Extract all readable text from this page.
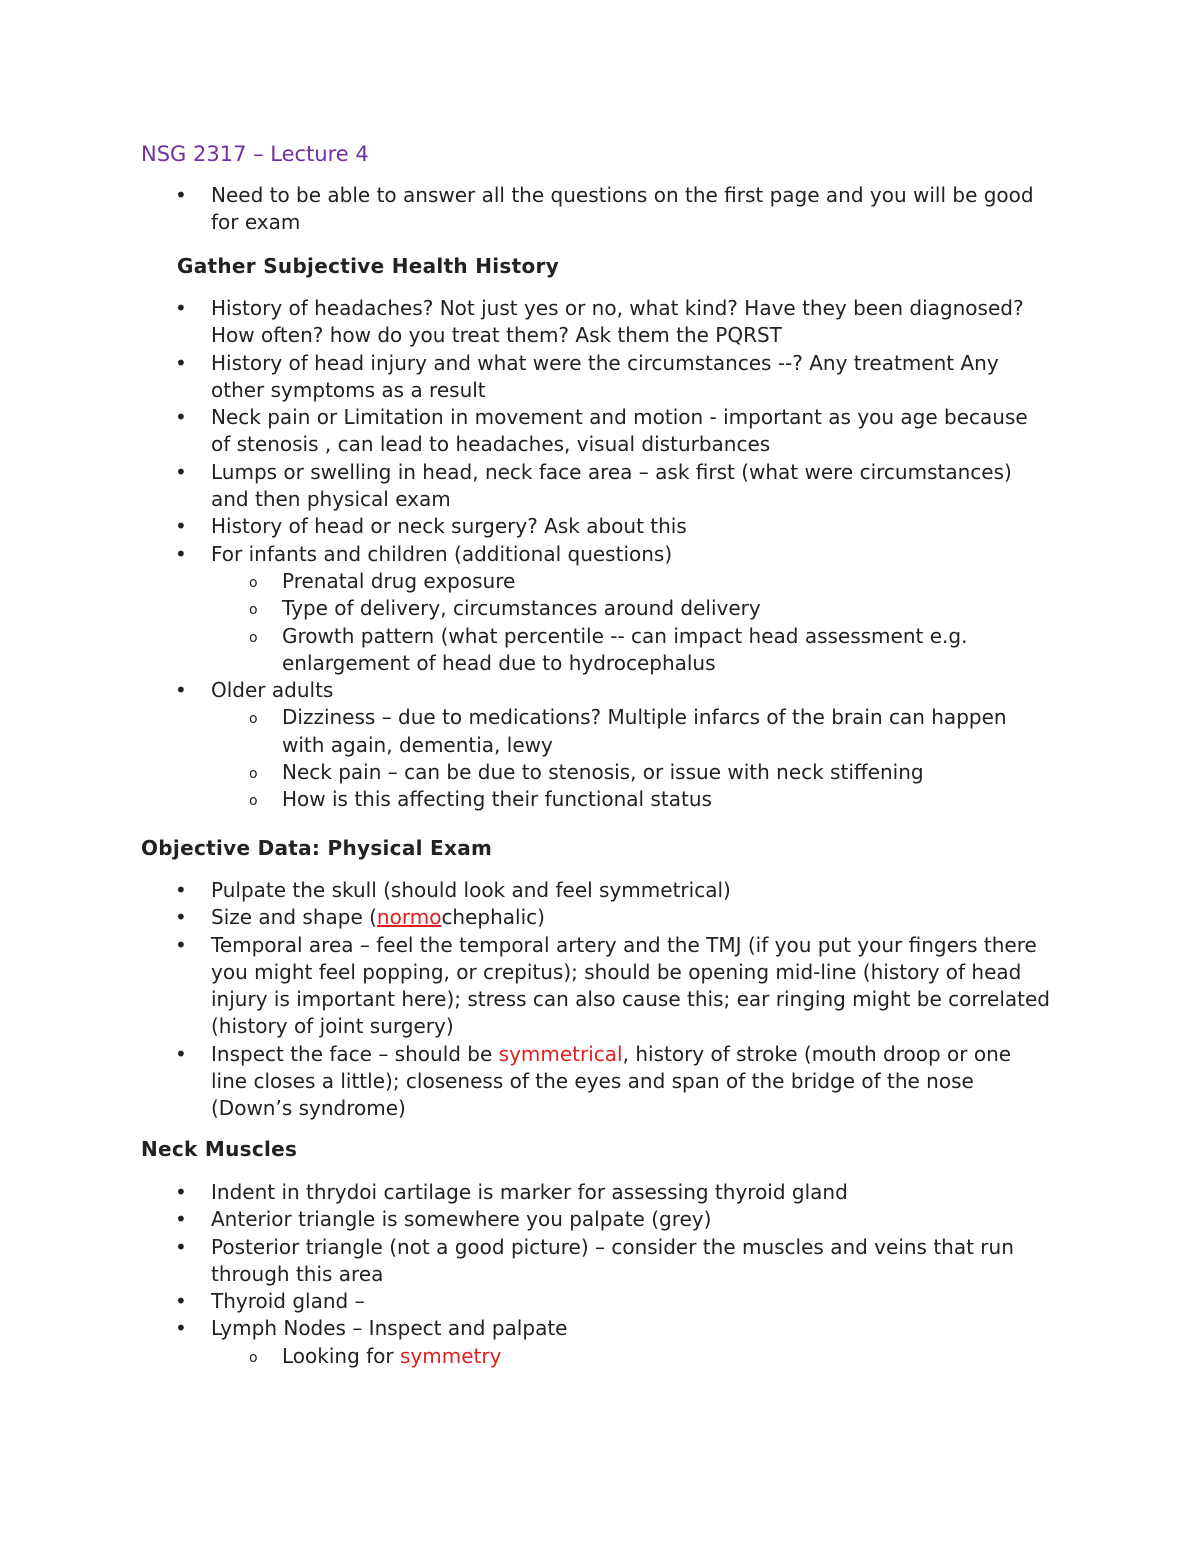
NSG 2317 – Lecture 4
• Need to be able to answer all the questions on the first page and you will be good for exam
Gather Subjective Health History
• History of headaches? Not just yes or no, what kind? Have they been diagnosed? How often? how do you treat them? Ask them the PQRST
• History of head injury and what were the circumstances --? Any treatment Any other symptoms as a result
• Neck pain or Limitation in movement and motion - important as you age because of stenosis , can lead to headaches, visual disturbances
• Lumps or swelling in head, neck face area – ask first (what were circumstances) and then physical exam
• History of head or neck surgery? Ask about this
• For infants and children (additional questions)
o Prenatal drug exposure
o Type of delivery, circumstances around delivery
o Growth pattern (what percentile -- can impact head assessment e.g. enlargement of head due to hydrocephalus
• Older adults
o Dizziness – due to medications? Multiple infarcs of the brain can happen with again, dementia, lewy
o Neck pain – can be due to stenosis, or issue with neck stiffening
o How is this affecting their functional status
Objective Data: Physical Exam
• Pulpate the skull (should look and feel symmetrical)
• Size and shape (normochephalic)
• Temporal area – feel the temporal artery and the TMJ (if you put your fingers there you might feel popping, or crepitus); should be opening mid-line (history of head injury is important here); stress can also cause this; ear ringing might be correlated (history of joint surgery)
• Inspect the face – should be symmetrical, history of stroke (mouth droop or one line closes a little); closeness of the eyes and span of the bridge of the nose (Down’s syndrome)
Neck Muscles
• Indent in thrydoi cartilage is marker for assessing thyroid gland
• Anterior triangle is somewhere you palpate (grey)
• Posterior triangle (not a good picture) – consider the muscles and veins that run through this area
• Thyroid gland –
• Lymph Nodes – Inspect and palpate
o Looking for symmetry
